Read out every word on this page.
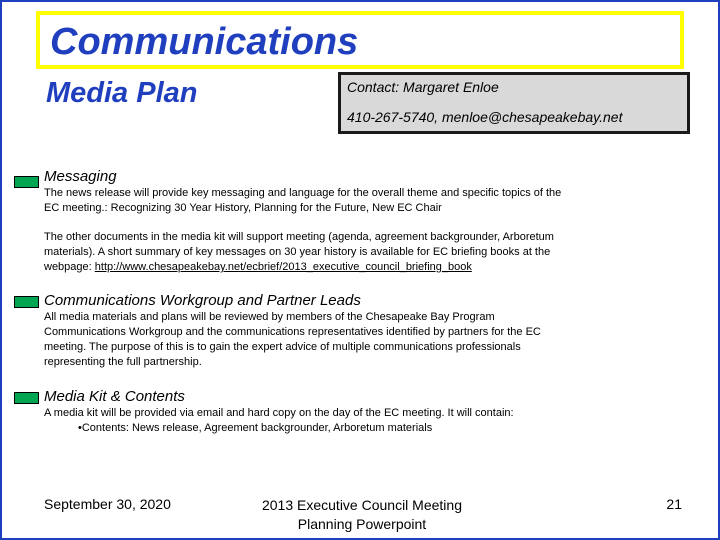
Communications
Media Plan	Contact: Margaret Enloe
410-267-5740, menloe@chesapeakebay.net
Messaging

The news release will provide key messaging and language for the overall theme and specific topics of the
EC meeting.: Recognizing 30 Year History, Planning for the Future, New EC Chair

The other documents in the media kit will support meeting (agenda, agreement backgrounder, Arboretum
materials). A short summary of key messages on 30 year history is available for EC briefing books at the
webpage: http://www.chesapeakebay.net/ecbrief/2013_executive_council_briefing_book

Communications Workgroup and Partner Leads

All media materials and plans will be reviewed by members of the Chesapeake Bay Program
Communications Workgroup and the communications representatives identified by partners for the EC
meeting. The purpose of this is to gain the expert advice of multiple communications professionals
representing the full partnership.

Media Kit & Contents

A media kit will be provided via email and hard copy on the day of the EC meeting. It will contain:

•Contents: News release, Agreement backgrounder, Arboretum materials

September 30, 2020	2013 Executive Council Meeting
Planning Powerpoint
21
